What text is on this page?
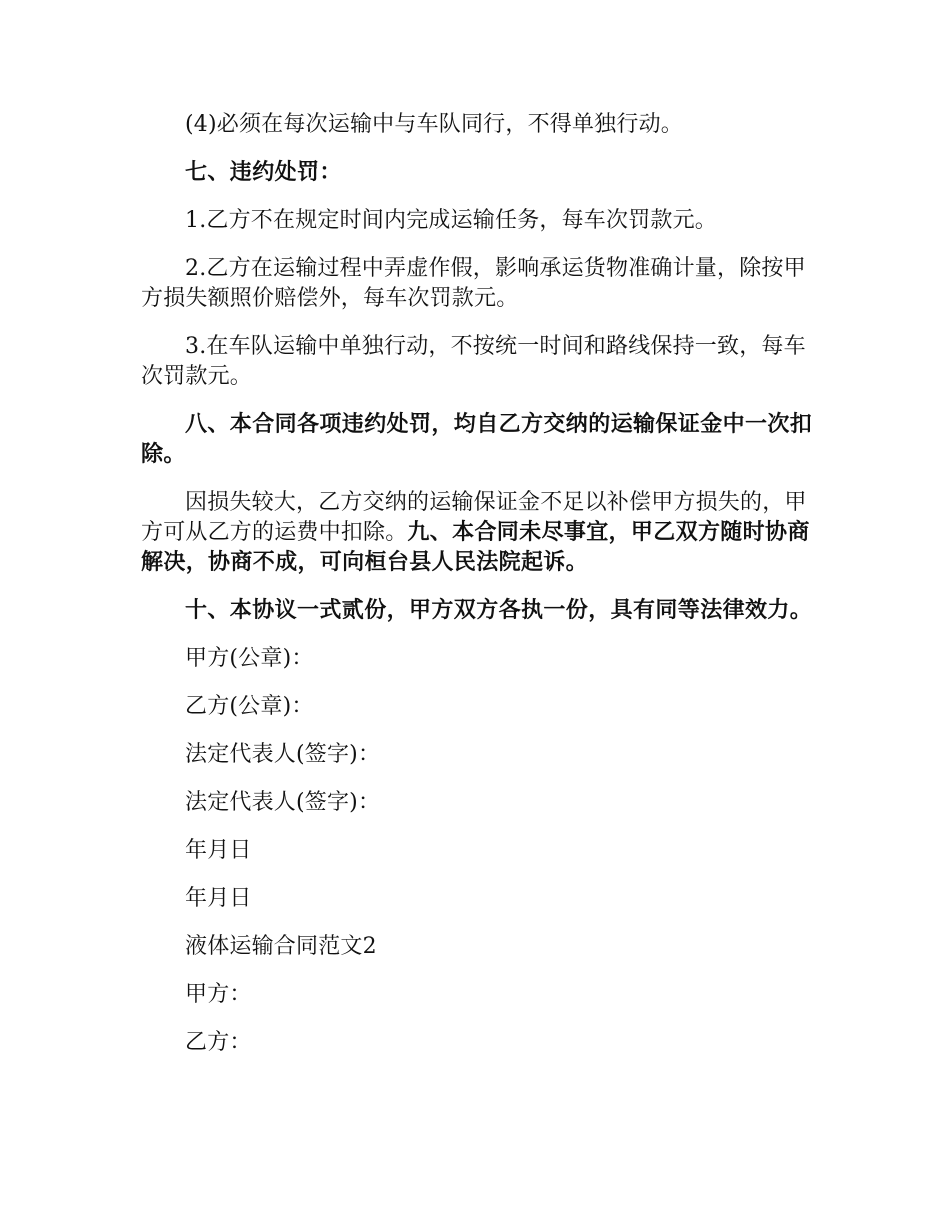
(4)必须在每次运输中与车队同行，不得单独行动。

七、违约处罚：

1.乙方不在规定时间内完成运输任务，每车次罚款元。

2.乙方在运输过程中弄虚作假，影响承运货物准确计量，除按甲方损失额照价赔偿外，每车次罚款元。

3.在车队运输中单独行动，不按统一时间和路线保持一致，每车次罚款元。

八、本合同各项违约处罚，均自乙方交纳的运输保证金中一次扣除。

因损失较大，乙方交纳的运输保证金不足以补偿甲方损失的，甲方可从乙方的运费中扣除。九、本合同未尽事宜，甲乙双方随时协商解决，协商不成，可向桓台县人民法院起诉。

十、本协议一式贰份，甲方双方各执一份，具有同等法律效力。

甲方(公章)：

乙方(公章)：

法定代表人(签字)：

法定代表人(签字)：

年月日

年月日

液体运输合同范文2

甲方：

乙方：
